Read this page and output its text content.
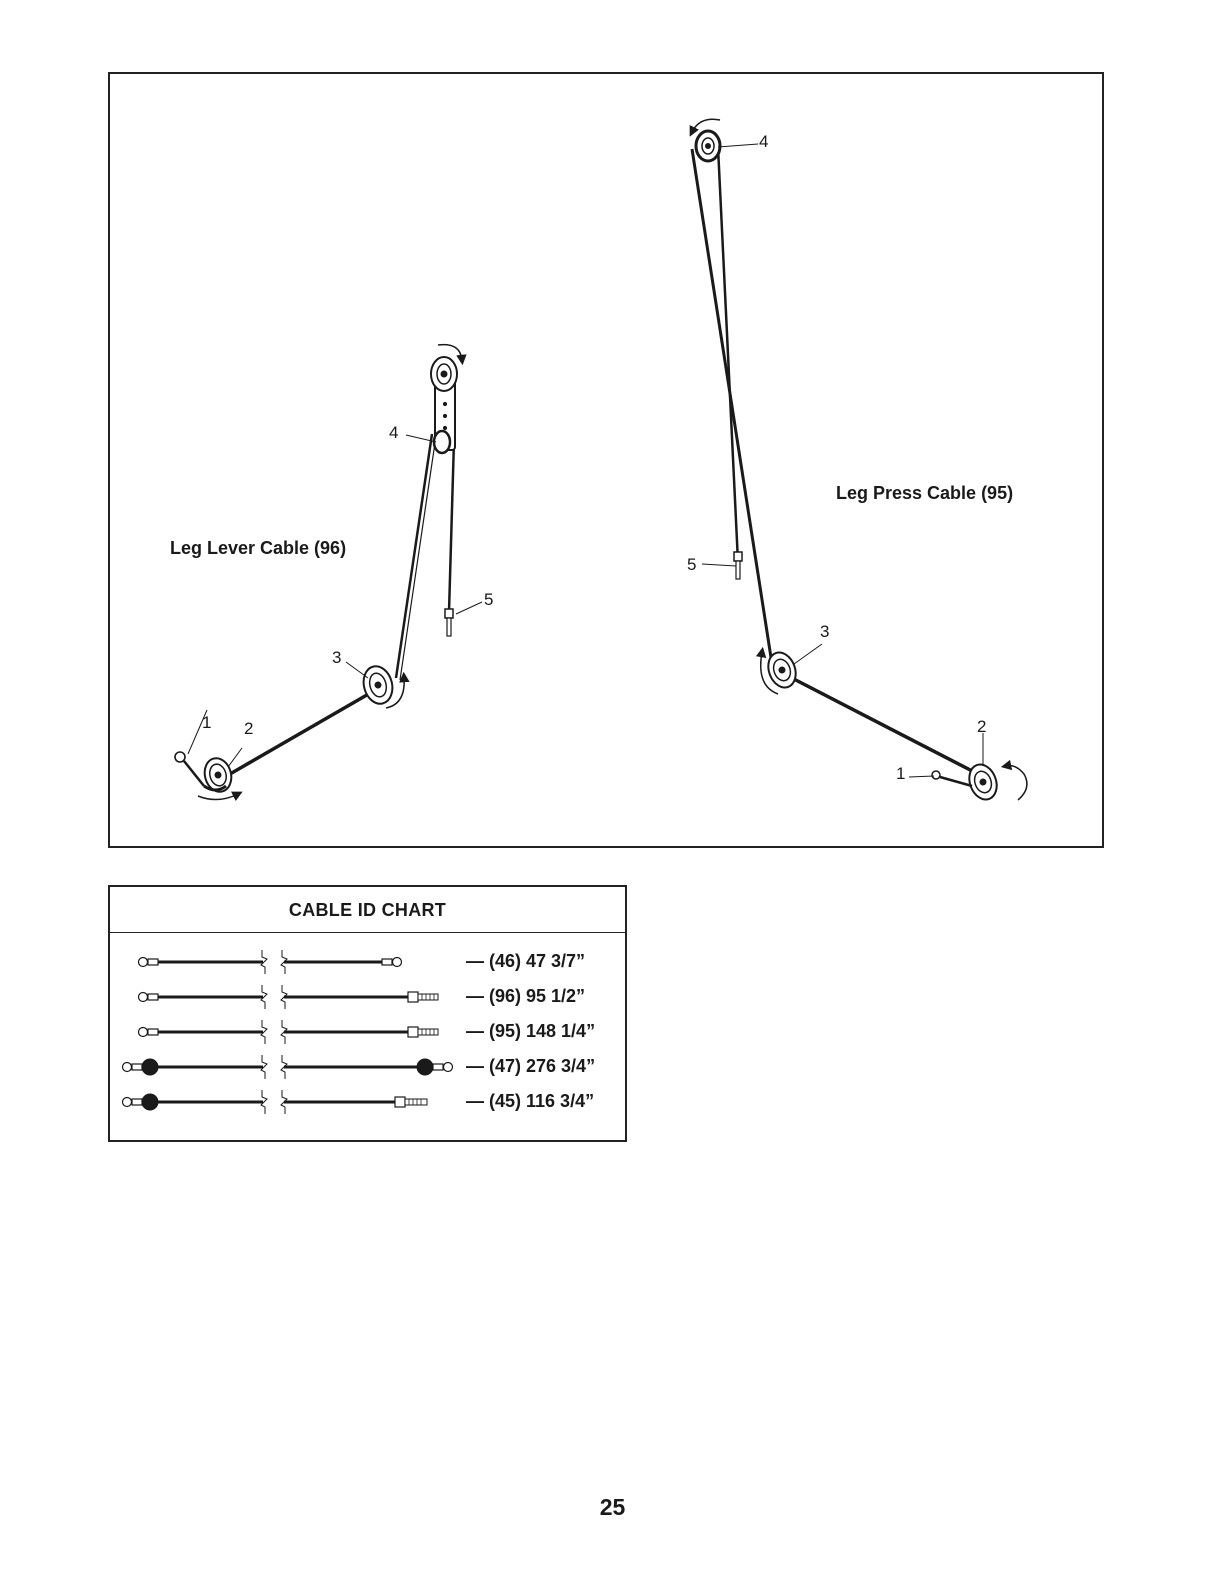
Leg Lever Cable (96)
Leg Press Cable (95)
1 2
3
4
5
1
2
3
4
5
CABLE ID CHART
— (46) 47 3/7”
— (96) 95 1/2”
— (95) 148 1/4”
— (47) 276 3/4”
— (45) 116 3/4”
25
